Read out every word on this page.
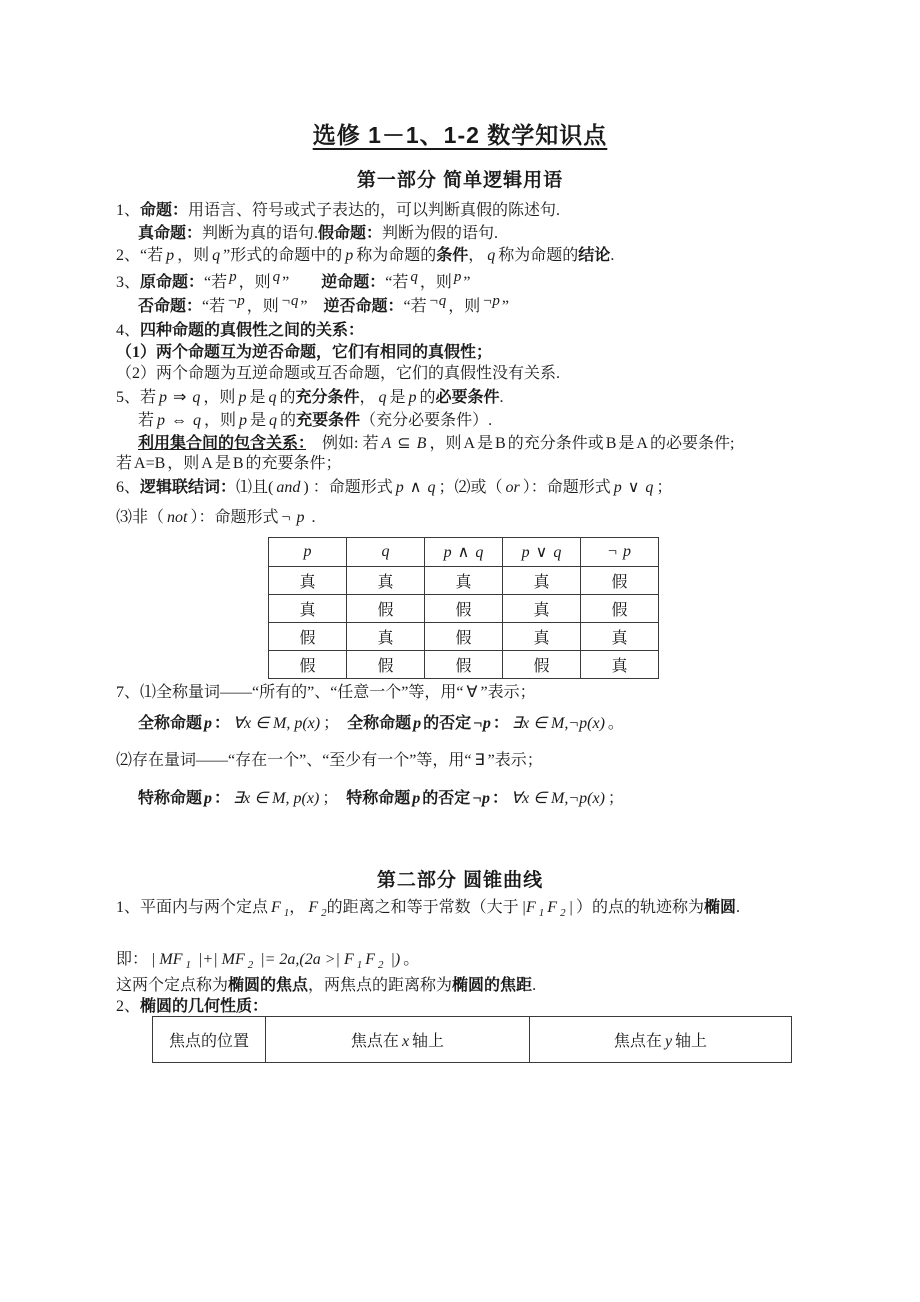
选修 1－1、1-2 数学知识点
第一部分 简单逻辑用语
1、命题：用语言、符号或式子表达的，可以判断真假的陈述句.
真命题：判断为真的语句.假命题：判断为假的语句.
2、“若 p ，则 q ”形式的命题中的 p 称为命题的条件， q 称为命题的结论.
3、原命题：“若 p ，则 q ”　　逆命题：“若 q ，则 p ”
否命题：“若 ¬p ，则 ¬q ”　逆否命题：“若 ¬q ，则 ¬p ”
4、四种命题的真假性之间的关系：
（1）两个命题互为逆否命题，它们有相同的真假性；
（2）两个命题为互逆命题或互否命题，它们的真假性没有关系.
5、若 p ⇒ q ，则 p 是 q 的充分条件， q 是 p 的必要条件.
若 p ⇔ q ，则 p 是 q 的充要条件（充分必要条件）.
利用集合间的包含关系：　例如: 若 A ⊆ B ，则 A 是 B 的充分条件或 B 是 A 的必要条件;
若 A=B ，则 A 是 B 的充要条件；
6、逻辑联结词：⑴且( and ) ：命题形式 p ∧ q ；⑵或（ or ）：命题形式 p ∨ q ；
⑶非（ not ）：命题形式 ¬ p .
p	q	p ∧ q	p ∨ q	¬ p
真	真	真	真	假
真	假	假	真	假
假	真	假	真	真
假	假	假	假	真
7、⑴全称量词——“所有的”、“任意一个”等，用“ ∀ ”表示；
全称命题 p ： ∀x ∈ M, p(x) ；　全称命题 p 的否定 ¬p ： ∃x ∈ M,¬p(x) 。
⑵存在量词——“存在一个”、“至少有一个”等，用“ ∃ ”表示；
特称命题 p ： ∃x ∈ M, p(x) ；　特称命题 p 的否定 ¬p ： ∀x ∈ M,¬p(x) ；
第二部分 圆锥曲线
1、平面内与两个定点 F $_1$， F $_2$的距离之和等于常数（大于 |F $_1$ F $_2$ | ）的点的轨迹称为椭圆.
即： | MF $_1$ |+| MF $_2$ |= 2a,(2a >| F $_1$ F $_2$ |) 。
这两个定点称为椭圆的焦点，两焦点的距离称为椭圆的焦距.
2、椭圆的几何性质：
焦点的位置	焦点在 x 轴上	焦点在 y 轴上
